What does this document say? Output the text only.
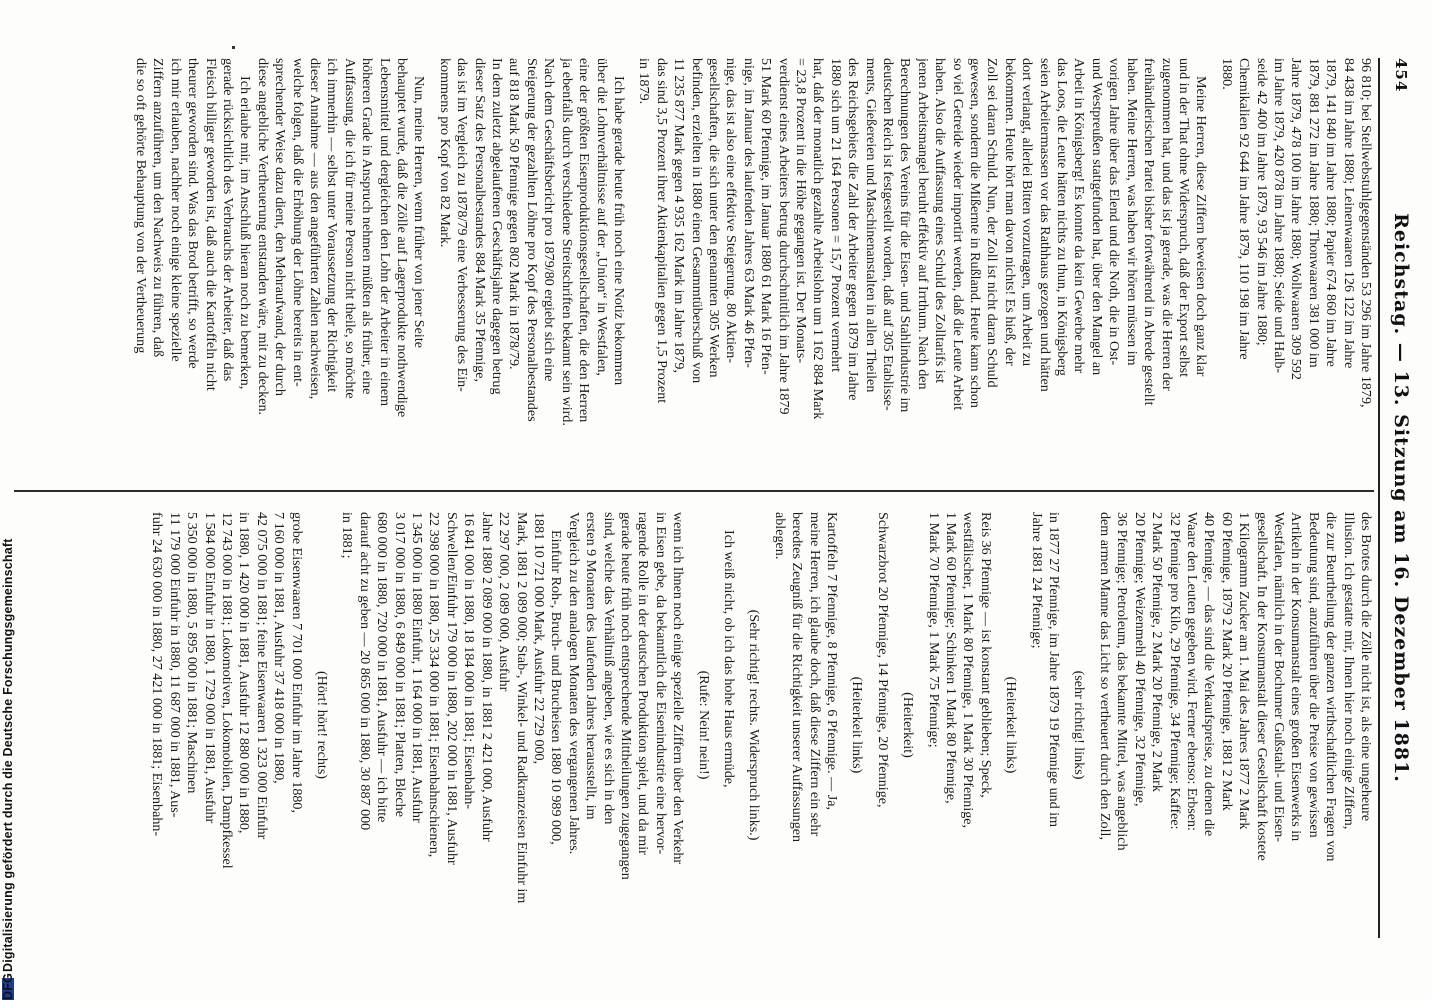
454
Reichstag. — 13. Sitzung am 16. Dezember 1881.
96 810; bei Stellwebstuhlgegenständen 53 296 im Jahre 1879,
84 438 im Jahre 1880; Leinenwaaren 126 122 im Jahre
1879, 141 840 im Jahre 1880; Papier 674 860 im Jahre
1879, 881 272 im Jahre 1880; Thonwaaren 381 000 im
Jahre 1879, 478 100 im Jahre 1880; Wollwaaren 309 592
im Jahre 1879, 420 878 im Jahre 1880; Seide und Halb-
seide 42 400 im Jahre 1879, 93 546 im Jahre 1880;
Chemikalien 92 644 im Jahre 1879, 110 198 im Jahre
1880.
Meine Herren, diese Ziffern beweisen doch ganz klar
und in der That ohne Widerspruch, daß der Export selbst
zugenommen hat, und das ist ja gerade, was die Herren der
freihändlerischen Partei bisher fortwährend in Abrede gestellt
haben. Meine Herren, was haben wir hören müssen im
vorigen Jahre über das Elend und die Noth, die in Ost-
und Westpreußen stattgefunden hat, über den Mangel an
Arbeit in Königsberg! Es konnte da kein Gewerbe mehr
das Loos, die Leute hätten nichts zu thun, in Königsberg
seien Arbeitermassen vor das Rathhaus gezogen und hätten
dort verlangt, allerlei Bitten vorzutragen, um Arbeit zu
bekommen. Heute hört man davon nichts! Es hieß, der
Zoll sei daran Schuld. Nun, der Zoll ist nicht daran Schuld
gewesen, sondern die Mißernte in Rußland. Heute kann schon
so viel Getreide wieder importirt werden, daß die Leute Arbeit
haben. Also die Auffassung eines Schuld des Zolltarifs ist
jenen Arbeitsmangel beruht effektiv auf Irrthum. Nach den
Berechnungen des Vereins für die Eisen- und Stahlindustrie im
deutschen Reich ist festgestellt worden, daß auf 305 Etablisse-
ments, Gießereien und Maschinenanstalten in allen Theilen
des Reichsgebiets die Zahl der Arbeiter gegen 1879 im Jahre
1880 sich um 21 164 Personen = 15,7 Prozent vermehrt
hat, daß der monatlich gezahlte Arbeitslohn um 1 162 884 Mark
= 23,8 Prozent in die Höhe gegangen ist. Der Monats-
verdienst eines Arbeiters betrug durchschnittlich im Jahre 1879
51 Mark 60 Pfennige, im Januar 1880 61 Mark 16 Pfen-
nige, im Januar des laufenden Jahres 63 Mark 46 Pfen-
nige, das ist also eine effektive Steigerung. 80 Aktien-
gesellschaften, die sich unter den genannten 305 Werken
befinden, erzielten in 1880 einen Gesammtüberschuß von
11 235 877 Mark gegen 4 935 162 Mark im Jahre 1879,
das sind 3,5 Prozent ihrer Aktienkapitalien gegen 1,5 Prozent
in 1879.
Ich habe gerade heute früh noch eine Notiz bekommen
über die Lohnverhältnisse auf der „Union“ in Westfalen,
eine der größten Eisenproduktionsgesellschaften, die den Herren
ja ebenfalls durch verschiedene Streitschriften bekannt sein wird.
Nach dem Geschäftsbericht pro 1879/80 ergiebt sich eine
Steigerung der gezahlten Löhne pro Kopf des Personalbestandes
auf 818 Mark 50 Pfennige gegen 802 Mark in 1878/79.
In dem zuletzt abgelaufenen Geschäftsjahre dagegen betrug
dieser Satz des Personalbestandes 884 Mark 35 Pfennige,
das ist im Vergleich zu 1878/79 eine Verbesserung des Ein-
kommens pro Kopf von 82 Mark.
Nun, meine Herren, wenn früher von jener Seite
behauptet wurde, daß die Zölle auf Lagerprodukte nothwendige
Lebensmittel und dergleichen den Lohn der Arbeiter in einem
höheren Grade in Anspruch nehmen müßten als früher, eine
Auffassung, die ich für meine Person nicht theile, so möchte
ich immerhin — selbst unter Voraussetzung der Richtigkeit
dieser Annahme — aus den angeführten Zahlen nachweisen,
welche folgen, daß die Erhöhung der Löhne bereits in ent-
sprechender Weise dazu dient, den Mehraufwand, der durch
diese angebliche Vertheuerung entstanden wäre, mit zu decken.
Ich erlaube mir, im Anschluß hieran noch zu bemerken,
gerade rücksichtlich des Verbrauchs der Arbeiter, daß das
Fleisch billiger geworden ist, daß auch die Kartoffeln nicht
theurer geworden sind. Was das Brod betrifft, so werde
ich mir erlauben, nachher noch einige kleine spezielle
Ziffern anzuführen, um den Nachweis zu führen, daß
die so oft gehörte Behauptung von der Vertheuerung
des Brotes durch die Zölle nicht ist, als eine ungeheure
Illusion. Ich gestatte mir, Ihnen hier noch einige Ziffern,
die zur Beurtheilung der ganzen wirthschaftlichen Fragen von
Bedeutung sind, anzuführen über die Preise von gewissen
Artikeln in der Konsumanstalt eines großen Eisenwerks in
Westfalen, nämlich in der Bochumer Gußstahl- und Eisen-
gesellschaft. In der Konsumanstalt dieser Gesellschaft kostete
1 Kilogramm Zucker am 1. Mai des Jahres 1877 2 Mark
60 Pfennige, 1879 2 Mark 20 Pfennige, 1881 2 Mark
40 Pfennige, — das sind die Verkaufspreise, zu denen die
Waare den Leuten gegeben wird. Ferner ebenso: Erbsen:
32 Pfennige pro Kilo, 29 Pfennige, 34 Pfennige; Kaffee:
2 Mark 50 Pfennige, 2 Mark 20 Pfennige, 2 Mark
20 Pfennige; Weizenmehl 40 Pfennige, 32 Pfennige,
36 Pfennige; Petroleum, das bekannte Mittel, was angeblich
dem armen Manne das Licht so vertheuert durch den Zoll,
(sehr richtig! links)
in 1877 27 Pfennige, im Jahre 1879 19 Pfennige und im
Jahre 1881 24 Pfennige;
(Heiterkeit links)
Reis 36 Pfennige — ist konstant geblieben; Speck,
westfälischer, 1 Mark 80 Pfennige, 1 Mark 30 Pfennige,
1 Mark 60 Pfennige; Schinken 1 Mark 80 Pfennige,
1 Mark 70 Pfennige, 1 Mark 75 Pfennige;
(Heiterkeit)
Schwarzbrot 20 Pfennige, 14 Pfennige, 20 Pfennige,
(Heiterkeit links)
Kartoffeln 7 Pfennige, 8 Pfennige, 6 Pfennige. — Ja,
meine Herren, ich glaube doch, daß diese Ziffern ein sehr
beredtes Zeugniß für die Richtigkeit unserer Auffassungen
ablegen.
(Sehr richtig! rechts. Widerspruch links.)
Ich weiß nicht, ob ich das hohe Haus ermüde,
(Rufe: Nein! nein!)
wenn ich Ihnen noch einige spezielle Ziffern über den Verkehr
in Eisen gebe, da bekanntlich die Eisenindustrie eine hervor-
ragende Rolle in der deutschen Produktion spielt, und da mir
gerade heute früh noch entsprechende Mittheilungen zugegangen
sind, welche das Verhältniß angeben, wie es sich in den
ersten 9 Monaten des laufenden Jahres herausstellt, im
Vergleich zu den analogen Monaten des vergangenen Jahres.
Einfuhr Roh-, Bruch- und Brucheisen 1880 10 989 000,
1881 10 721 000 Mark, Ausfuhr 22 729 000,
Mark, 1881 2 089 000; Stab-, Winkel- und Radkranzeisen Einfuhr im
22 297 000, 2 089 000, Ausfuhr
Jahre 1880 2 089 000 in 1880, in 1881 2 421 000, Ausfuhr
16 841 000 in 1880, 18 184 000 in 1881; Eisenbahn-
Schwellen/Einfuhr 179 000 in 1880, 202 000 in 1881, Ausfuhr
22 398 000 in 1880, 25 334 000 in 1881; Eisenbahnschienen,
1 345 000 in 1880 Einfuhr, 1 164 000 in 1881, Ausfuhr
3 017 000 in 1880, 6 849 000 in 1881; Platten, Bleche
680 000 in 1880, 720 000 in 1881, Ausfuhr — ich bitte
darauf acht zu geben — 20 865 000 in 1880, 30 887 000
in 1881;
(Hört! hört! rechts)
grobe Eisenwaaren 7 701 000 Einfuhr im Jahre 1880,
7 160 000 in 1881, Ausfuhr 37 418 000 in 1880,
42 075 000 in 1881; feine Eisenwaaren 1 323 000 Einfuhr
in 1880, 1 420 000 in 1881, Ausfuhr 12 880 000 in 1880,
12 743 000 in 1881; Lokomotiven, Lokomobilen, Dampfkessel
1 584 000 Einfuhr in 1880, 1 729 000 in 1881, Ausfuhr
5 350 000 in 1880, 5 895 000 in 1881; Maschinen
11 179 000 Einfuhr in 1880, 11 687 000 in 1881, Aus-
fuhr 24 630 000 in 1880, 27 421 000 in 1881; Eisenbahn-
DFG
Digitalisierung gefördert durch die Deutsche Forschungsgemeinschaft
